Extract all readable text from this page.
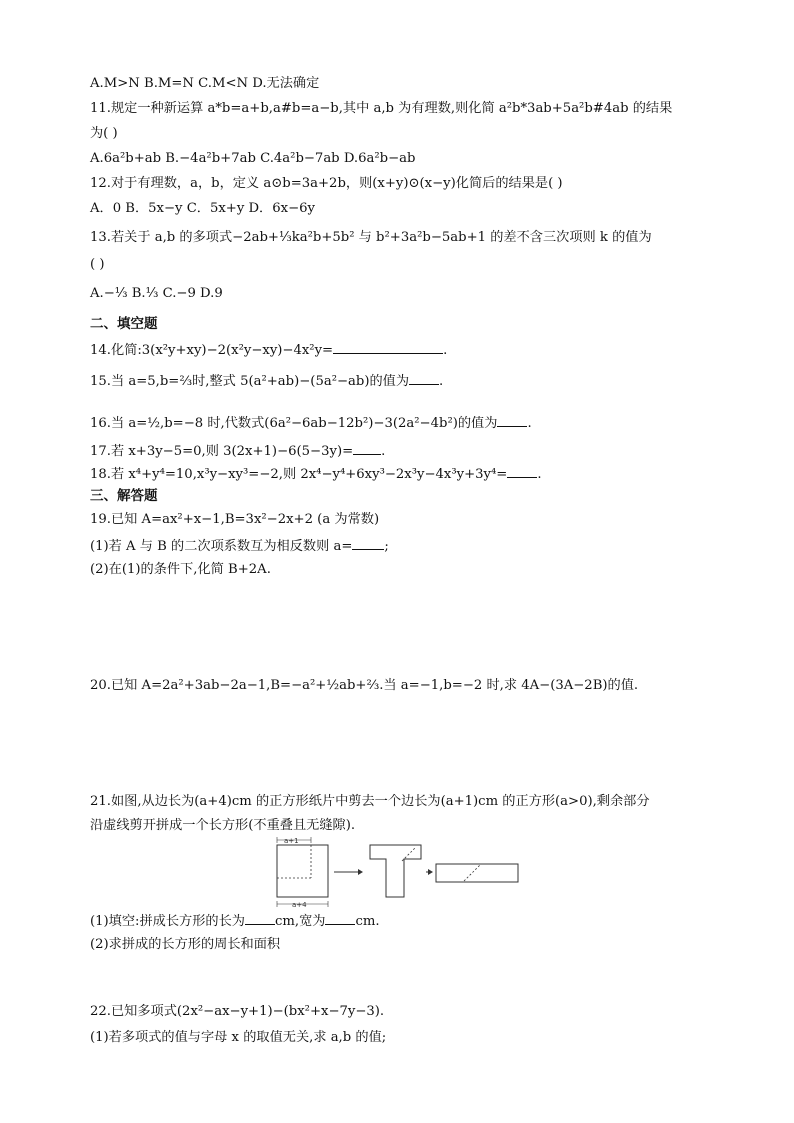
A.M>N B.M=N C.M<N D.无法确定
11.规定一种新运算 a*b=a+b,a#b=a−b,其中 a,b 为有理数,则化简 a²b*3ab+5a²b#4ab 的结果
为( )
A.6a²b+ab B.−4a²b+7ab C.4a²b−7ab D.6a²b−ab
12.对于有理数，a，b，定义 a⊙b=3a+2b，则(x+y)⊙(x−y)化简后的结果是( )
A．0 B．5x−y C．5x+y D．6x−6y
13.若关于 a,b 的多项式−2ab+⅓ka²b+5b² 与 b²+3a²b−5ab+1 的差不含三次项则 k 的值为
( )
A.−⅓ B.⅓ C.−9 D.9
二、填空题
14.化简:3(x²y+xy)−2(x²y−xy)−4x²y=	.
15.当 a=5,b=⅔时,整式 5(a²+ab)−(5a²−ab)的值为 .
16.当 a=½,b=−8 时,代数式(6a²−6ab−12b²)−3(2a²−4b²)的值为 .
17.若 x+3y−5=0,则 3(2x+1)−6(5−3y)= .
18.若 x⁴+y⁴=10,x³y−xy³=−2,则 2x⁴−y⁴+6xy³−2x³y−4x³y+3y⁴= .
三、解答题
19.已知 A=ax²+x−1,B=3x²−2x+2 (a 为常数)
(1)若 A 与 B 的二次项系数互为相反数则 a= ;
(2)在(1)的条件下,化简 B+2A.
20.已知 A=2a²+3ab−2a−1,B=−a²+½ab+⅔.当 a=−1,b=−2 时,求 4A−(3A−2B)的值.
21.如图,从边长为(a+4)cm 的正方形纸片中剪去一个边长为(a+1)cm 的正方形(a>0),剩余部分
沿虚线剪开拼成一个长方形(不重叠且无缝隙).
a+1
a+4
(1)填空:拼成长方形的长为 cm,宽为 cm.
(2)求拼成的长方形的周长和面积
22.已知多项式(2x²−ax−y+1)−(bx²+x−7y−3).
(1)若多项式的值与字母 x 的取值无关,求 a,b 的值;
